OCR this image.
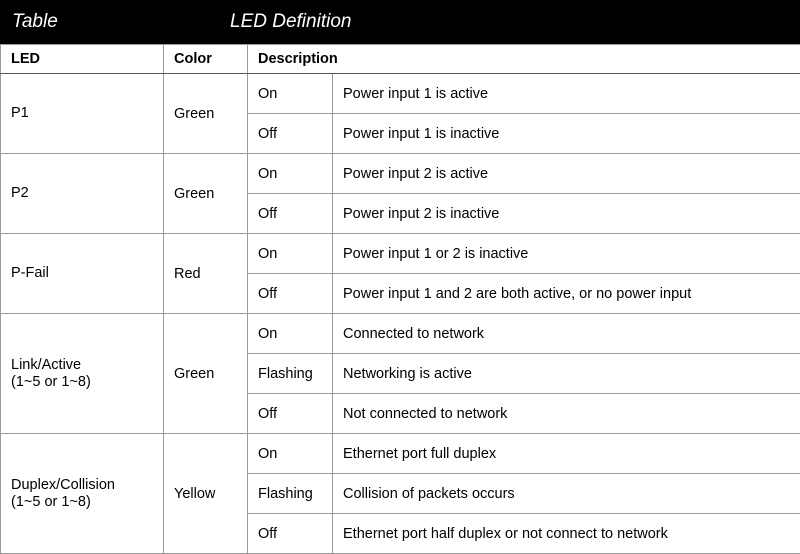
Table	LED Definition
LED	Color	Description	

P1	Green	On	Power input 1 is active
		Off	Power input 1 is inactive

P2	Green	On	Power input 2 is active
		Off	Power input 2 is inactive

P-Fail	Red	On	Power input 1 or 2 is inactive
		Off	Power input 1 and 2 are both active, or no power input

Link/Active
(1~5 or 1~8)	Green	On	Connected to network
		Flashing	Networking is active
		Off	Not connected to network

Duplex/Collision
(1~5 or 1~8)	Yellow	On	Ethernet port full duplex
		Flashing	Collision of packets occurs
		Off	Ethernet port half duplex or not connect to network
